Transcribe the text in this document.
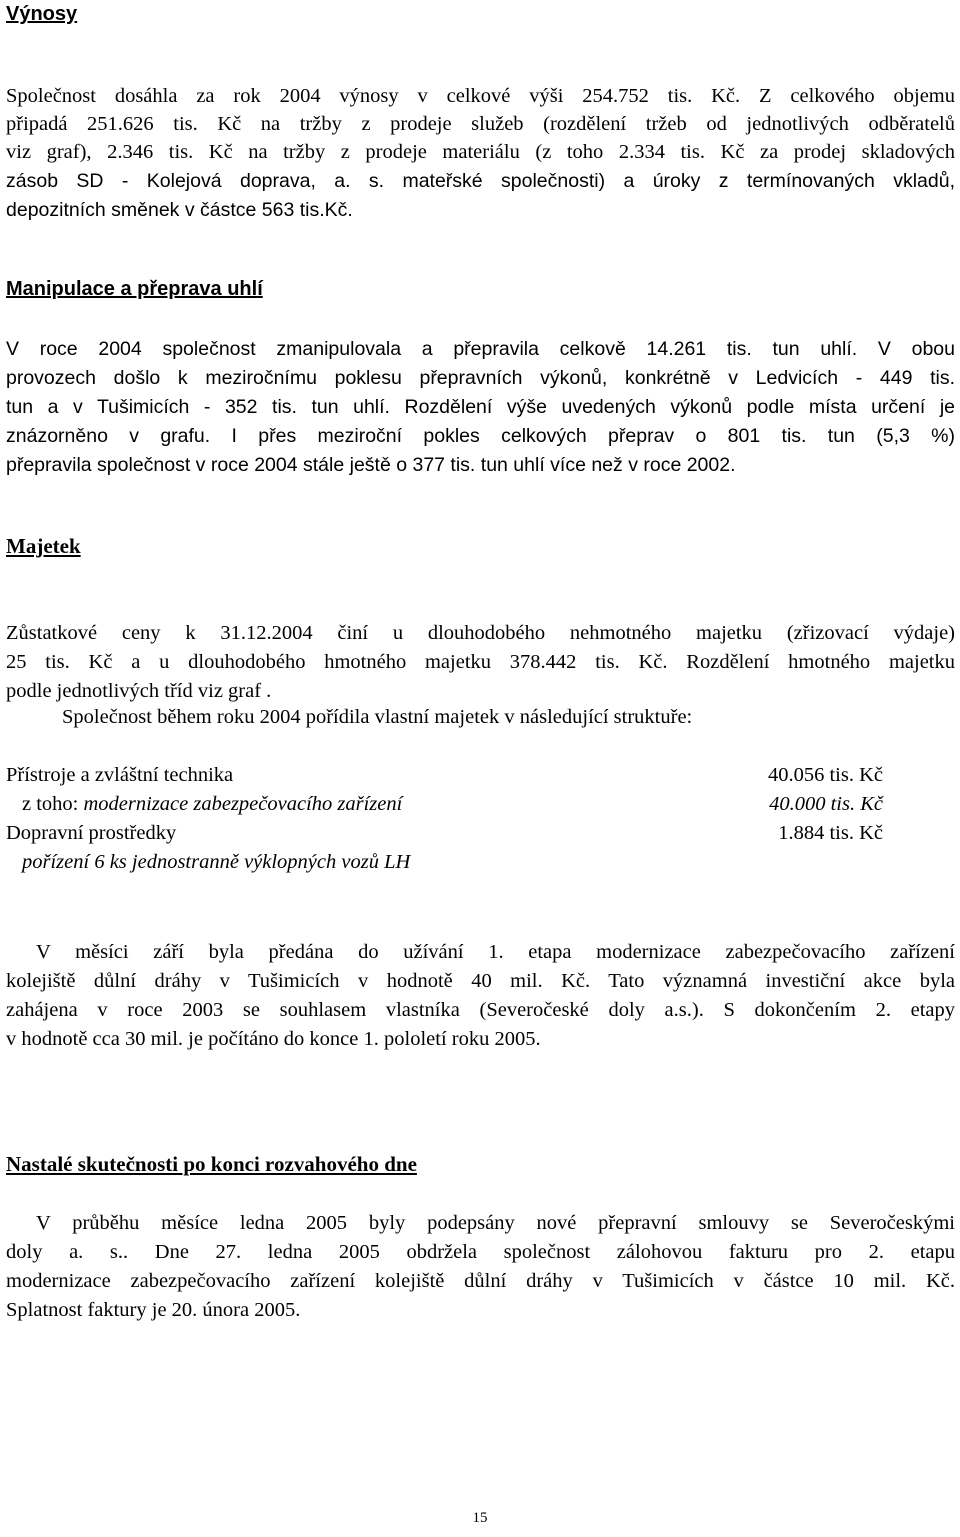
Výnosy
Společnost dosáhla za rok 2004 výnosy v celkové výši 254.752 tis. Kč. Z celkového objemu
připadá 251.626 tis. Kč na tržby z prodeje služeb (rozdělení tržeb od jednotlivých odběratelů
viz graf), 2.346 tis. Kč na tržby z prodeje materiálu (z toho 2.334 tis. Kč za prodej skladových
zásob SD - Kolejová doprava, a. s. mateřské společnosti) a úroky z termínovaných vkladů,
depozitních směnek v částce 563 tis.Kč.
Manipulace a přeprava uhlí
V roce 2004 společnost zmanipulovala a přepravila celkově 14.261 tis. tun uhlí. V obou
provozech došlo k meziročnímu poklesu přepravních výkonů, konkrétně v Ledvicích - 449 tis.
tun a v Tušimicích - 352 tis. tun uhlí. Rozdělení výše uvedených výkonů podle místa určení je
znázorněno v grafu. I přes meziroční pokles celkových přeprav o 801 tis. tun (5,3 %)
přepravila společnost v roce 2004 stále ještě o 377 tis. tun uhlí více než v roce 2002.
Majetek
Zůstatkové ceny k 31.12.2004 činí u dlouhodobého nehmotného majetku (zřizovací výdaje)
25 tis. Kč a u dlouhodobého hmotného majetku 378.442 tis. Kč. Rozdělení hmotného majetku
podle jednotlivých tříd viz graf .
Společnost během roku 2004 pořídila vlastní majetek v následující struktuře:
Přístroje a zvláštní technika	40.056 tis. Kč
z toho: modernizace zabezpečovacího zařízení	40.000 tis. Kč
Dopravní prostředky	1.884 tis. Kč
pořízení 6 ks jednostranně výklopných vozů LH
V měsíci září byla předána do užívání 1. etapa modernizace zabezpečovacího zařízení
kolejiště důlní dráhy v Tušimicích v hodnotě 40 mil. Kč. Tato významná investiční akce byla
zahájena v roce 2003 se souhlasem vlastníka (Severočeské doly a.s.). S dokončením 2. etapy
v hodnotě cca 30 mil. je počítáno do konce 1. pololetí roku 2005.
Nastalé skutečnosti po konci rozvahového dne
V průběhu měsíce ledna 2005 byly podepsány nové přepravní smlouvy se Severočeskými
doly a. s.. Dne 27. ledna 2005 obdržela společnost zálohovou fakturu pro 2. etapu
modernizace zabezpečovacího zařízení kolejiště důlní dráhy v Tušimicích v částce 10 mil. Kč.
Splatnost faktury je 20. února 2005.
15
